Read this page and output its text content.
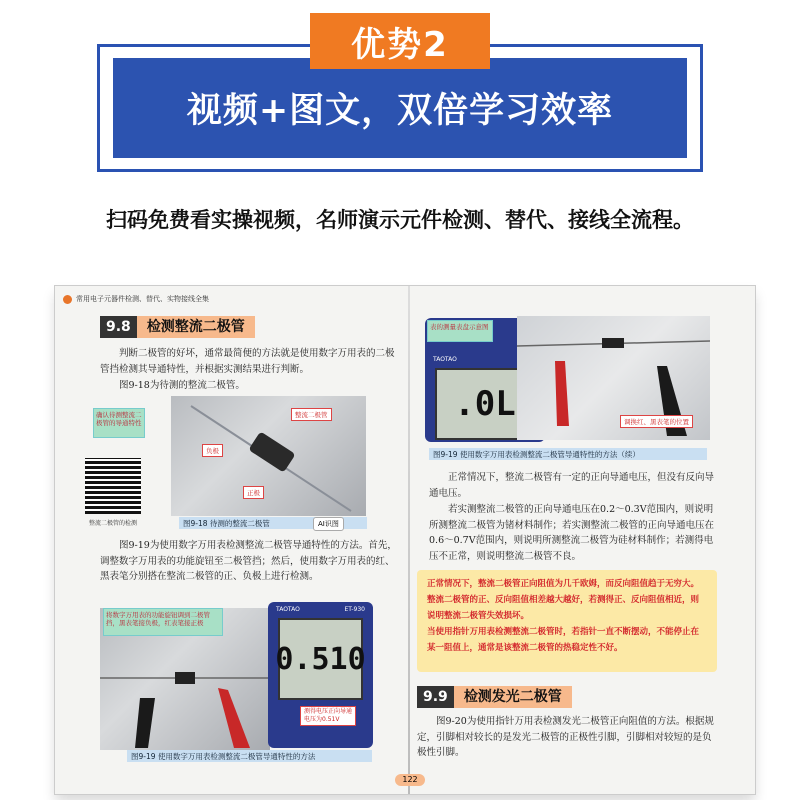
优势2
视频+图文，双倍学习效率
扫码免费看实操视频，名师演示元件检测、替代、接线全流程。
常用电子元器件检测、替代、实物接线全集
9.8	检测整流二极管
判断二极管的好坏，通常最简便的方法就是使用数字万用表的二极管挡检测其导通特性，并根据实测结果进行判断。
图9-18为待测的整流二极管。
确认待测整流二极管的导通特性
整流二极管
负极
正极
整流二极管的检测	图9-18 待测的整流二极管	AI识图
图9-19为使用数字万用表检测整流二极管导通特性的方法。首先，调整数字万用表的功能旋钮至二极管挡；然后，使用数字万用表的红、黑表笔分别搭在整流二极管的正、负极上进行检测。
将数字万用表的功能旋钮调到二极管挡，黑表笔接负极，红表笔接正极
TAOTAO	ET-930
0.510
测得电压正向导通电压为0.51V
图9-19 使用数字万用表检测整流二极管导通特性的方法
TAOTAO
.0L
表的测量表盘示意图
调换红、黑表笔的位置
图9-19 使用数字万用表检测整流二极管导通特性的方法（续）
正常情况下，整流二极管有一定的正向导通电压，但没有反向导通电压。
若实测整流二极管的正向导通电压在0.2～0.3V范围内，则说明所测整流二极管为锗材料制作；若实测整流二极管的正向导通电压在0.6～0.7V范围内，则说明所测整流二极管为硅材料制作；若测得电压不正常，则说明整流二极管不良。
正常情况下，整流二极管正向阻值为几千欧姆，而反向阻值趋于无穷大。
整流二极管的正、反向阻值相差越大越好，若测得正、反向阻值相近，则说明整流二极管失效损坏。
当使用指针万用表检测整流二极管时，若指针一直不断摆动，不能停止在某一阻值上，通常是该整流二极管的热稳定性不好。
9.9	检测发光二极管
图9-20为使用指针万用表检测发光二极管正向阻值的方法。根据规定，引脚相对较长的是发光二极管的正极性引脚，引脚相对较短的是负极性引脚。
122
